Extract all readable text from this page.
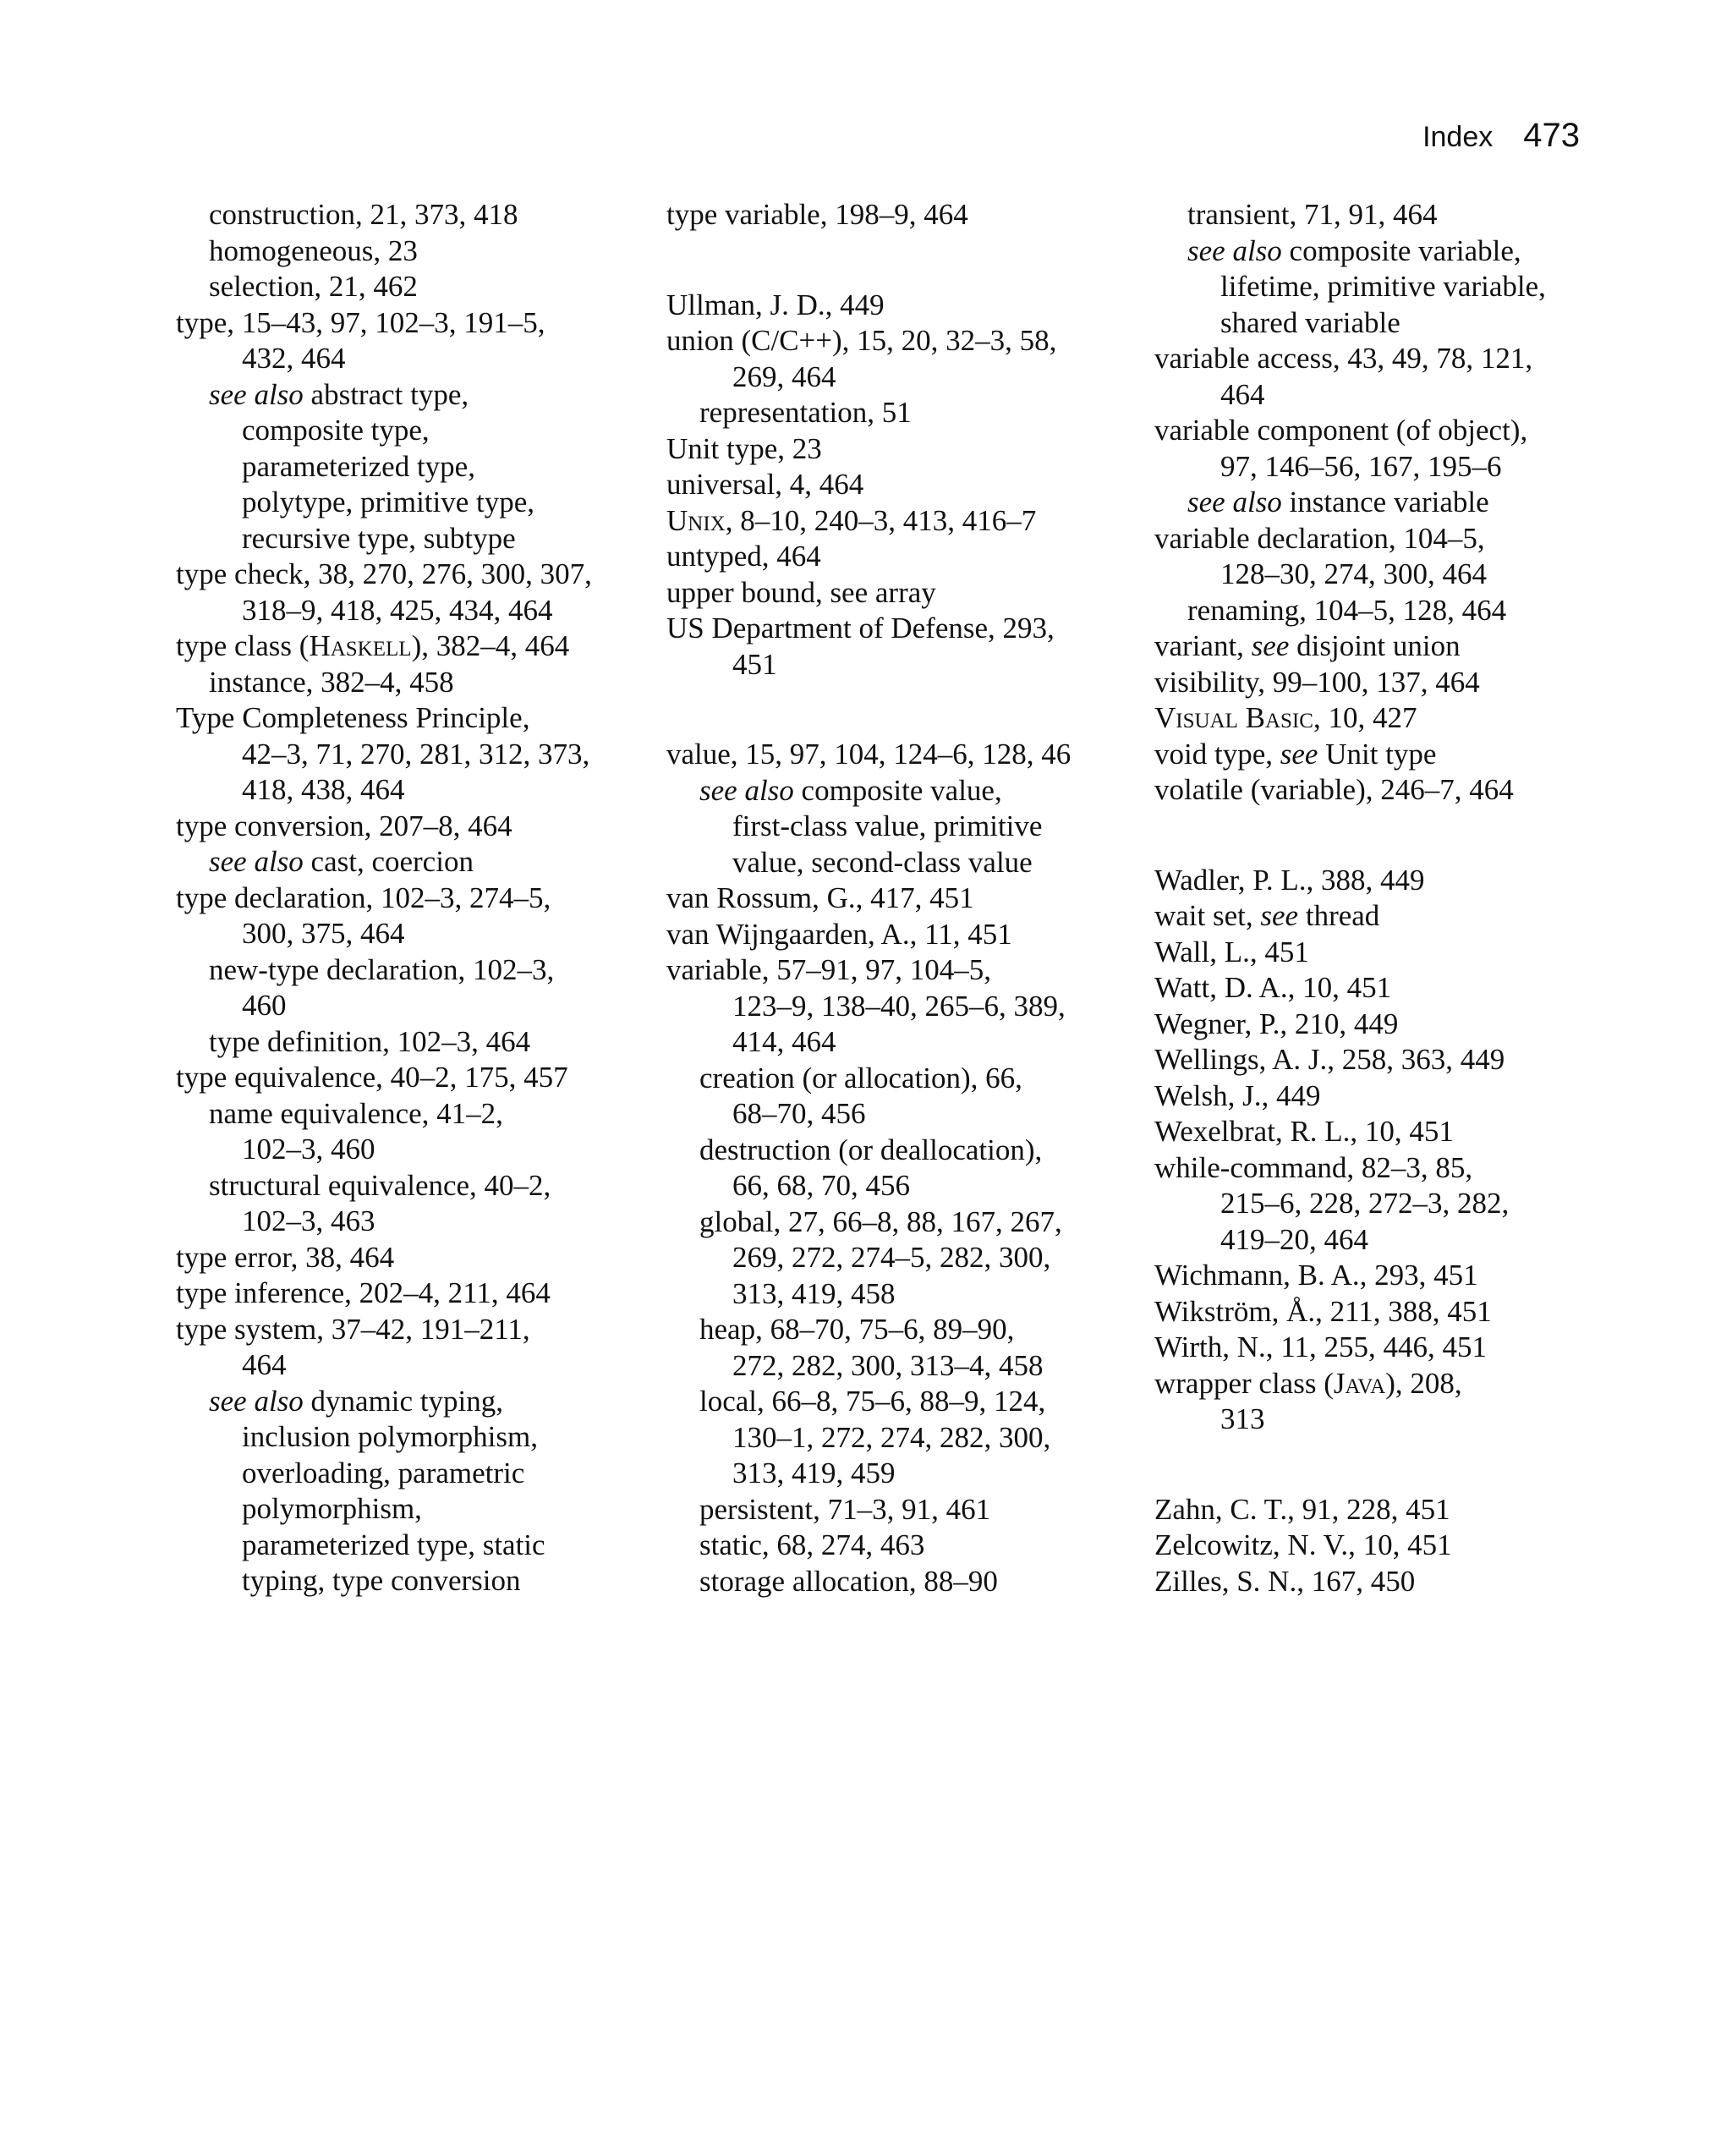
Index 473
construction, 21, 373, 418
homogeneous, 23
selection, 21, 462
type, 15–43, 97, 102–3, 191–5,
432, 464
see also abstract type,
composite type,
parameterized type,
polytype, primitive type,
recursive type, subtype
type check, 38, 270, 276, 300, 307,
318–9, 418, 425, 434, 464
type class (Haskell), 382–4, 464
instance, 382–4, 458
Type Completeness Principle,
42–3, 71, 270, 281, 312, 373,
418, 438, 464
type conversion, 207–8, 464
see also cast, coercion
type declaration, 102–3, 274–5,
300, 375, 464
new-type declaration, 102–3,
460
type definition, 102–3, 464
type equivalence, 40–2, 175, 457
name equivalence, 41–2,
102–3, 460
structural equivalence, 40–2,
102–3, 463
type error, 38, 464
type inference, 202–4, 211, 464
type system, 37–42, 191–211,
464
see also dynamic typing,
inclusion polymorphism,
overloading, parametric
polymorphism,
parameterized type, static
typing, type conversion
type variable, 198–9, 464
Ullman, J. D., 449
union (C/C++), 15, 20, 32–3, 58,
269, 464
representation, 51
Unit type, 23
universal, 4, 464
Unix, 8–10, 240–3, 413, 416–7
untyped, 464
upper bound, see array
US Department of Defense, 293,
451
value, 15, 97, 104, 124–6, 128, 46
see also composite value,
first-class value, primitive
value, second-class value
van Rossum, G., 417, 451
van Wijngaarden, A., 11, 451
variable, 57–91, 97, 104–5,
123–9, 138–40, 265–6, 389,
414, 464
creation (or allocation), 66,
68–70, 456
destruction (or deallocation),
66, 68, 70, 456
global, 27, 66–8, 88, 167, 267,
269, 272, 274–5, 282, 300,
313, 419, 458
heap, 68–70, 75–6, 89–90,
272, 282, 300, 313–4, 458
local, 66–8, 75–6, 88–9, 124,
130–1, 272, 274, 282, 300,
313, 419, 459
persistent, 71–3, 91, 461
static, 68, 274, 463
storage allocation, 88–90
transient, 71, 91, 464
see also composite variable,
lifetime, primitive variable,
shared variable
variable access, 43, 49, 78, 121,
464
variable component (of object),
97, 146–56, 167, 195–6
see also instance variable
variable declaration, 104–5,
128–30, 274, 300, 464
renaming, 104–5, 128, 464
variant, see disjoint union
visibility, 99–100, 137, 464
Visual Basic, 10, 427
void type, see Unit type
volatile (variable), 246–7, 464
Wadler, P. L., 388, 449
wait set, see thread
Wall, L., 451
Watt, D. A., 10, 451
Wegner, P., 210, 449
Wellings, A. J., 258, 363, 449
Welsh, J., 449
Wexelbrat, R. L., 10, 451
while-command, 82–3, 85,
215–6, 228, 272–3, 282,
419–20, 464
Wichmann, B. A., 293, 451
Wikström, Å., 211, 388, 451
Wirth, N., 11, 255, 446, 451
wrapper class (Java), 208,
313
Zahn, C. T., 91, 228, 451
Zelcowitz, N. V., 10, 451
Zilles, S. N., 167, 450
